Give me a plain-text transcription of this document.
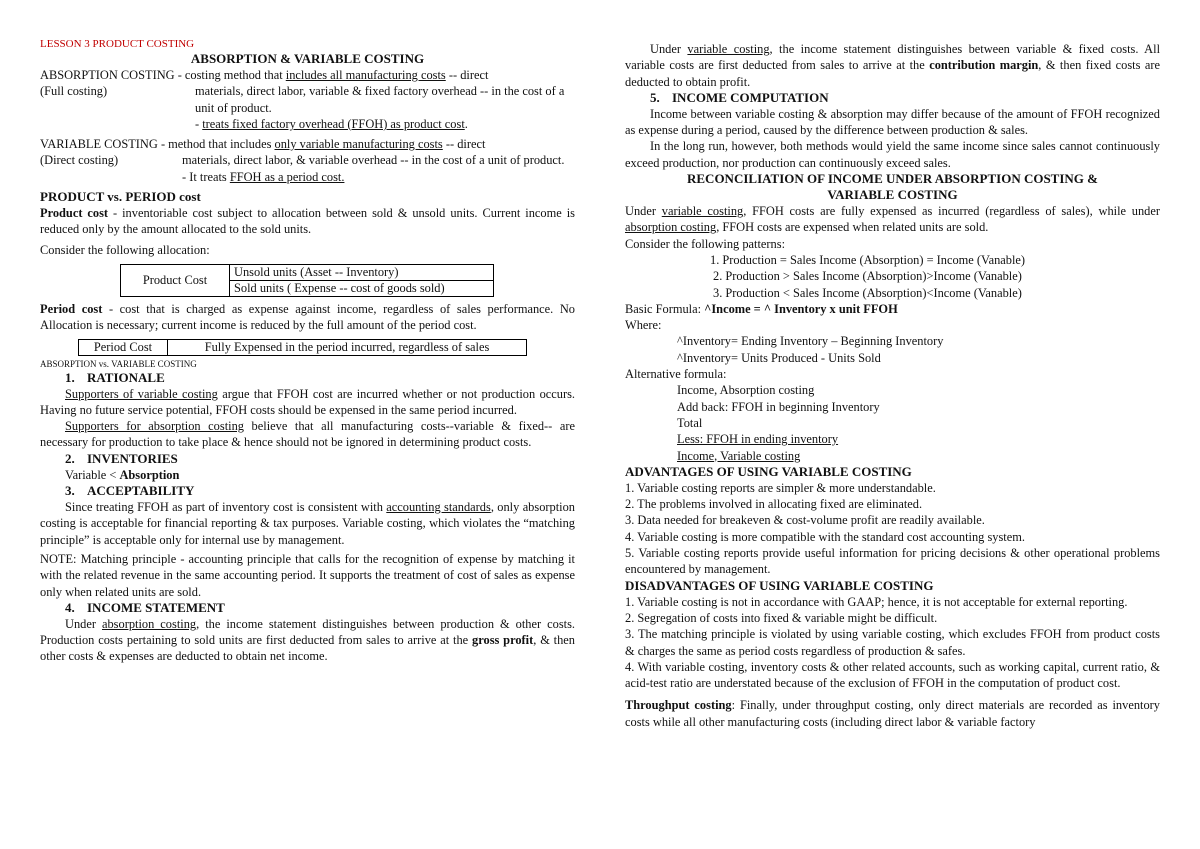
LESSON 3 PRODUCT COSTING
ABSORPTION & VARIABLE COSTING
ABSORPTION COSTING - costing method that includes all manufacturing costs -- direct
(Full costing)	materials, direct labor, variable & fixed factory overhead -- in the cost of a unit of product.
- treats fixed factory overhead (FFOH) as product cost.
VARIABLE COSTING - method that includes only variable manufacturing costs -- direct
(Direct costing)	materials, direct labor, & variable overhead -- in the cost of a unit of product.
- It treats FFOH as a period cost.
PRODUCT vs. PERIOD cost

Product cost - inventoriable cost subject to allocation between sold & unsold units. Current income is reduced only by the amount allocated to the sold units.

Consider the following allocation:

Product Cost	Unsold units (Asset -- Inventory)
Sold units ( Expense -- cost of goods sold)

Period cost - cost that is charged as expense against income, regardless of sales performance. No Allocation is necessary; current income is reduced by the full amount of the period cost.

Period Cost	Fully Expensed in the period incurred, regardless of sales
ABSORPTION vs. VARIABLE COSTING
1. RATIONALE

Supporters of variable costing argue that FFOH cost are incurred whether or not production occurs. Having no future service potential, FFOH costs should be expensed in the same period incurred.

Supporters for absorption costing believe that all manufacturing costs--variable & fixed-- are necessary for production to take place & hence should not be ignored in determining product costs.

2. INVENTORIES

Variable < Absorption

3. ACCEPTABILITY

Since treating FFOH as part of inventory cost is consistent with accounting standards, only absorption costing is acceptable for financial reporting & tax purposes. Variable costing, which violates the “matching principle” is acceptable only for internal use by management.

NOTE: Matching principle - accounting principle that calls for the recognition of expense by matching it with the related revenue in the same accounting period. It supports the treatment of cost of sales as expense only when related units are sold.

4. INCOME STATEMENT

Under absorption costing, the income statement distinguishes between production & other costs. Production costs pertaining to sold units are first deducted from sales to arrive at the gross profit, & then other costs & expenses are deducted to obtain net income.

Under variable costing, the income statement distinguishes between variable & fixed costs. All variable costs are first deducted from sales to arrive at the contribution margin, & then fixed costs are deducted to obtain profit.

5. INCOME COMPUTATION

Income between variable costing & absorption may differ because of the amount of FFOH recognized as expense during a period, caused by the difference between production & sales.

In the long run, however, both methods would yield the same income since sales cannot continuously exceed production, nor production can continuously exceed sales.

RECONCILIATION OF INCOME UNDER ABSORPTION COSTING &
VARIABLE COSTING

Under variable costing, FFOH costs are fully expensed as incurred (regardless of sales), while under absorption costing, FFOH costs are expensed when related units are sold.

Consider the following patterns:

1. Production = Sales Income (Absorption) = Income (Vanable)
2. Production > Sales Income (Absorption)>Income (Vanable)
3. Production < Sales Income (Absorption)<Income (Vanable)

Basic Formula: ^Income = ^ Inventory x unit FFOH

Where:

^Inventory= Ending Inventory – Beginning Inventory

^Inventory= Units Produced - Units Sold

Alternative formula:

Income, Absorption costing
Add back: FFOH in beginning Inventory
Total
Less: FFOH in ending inventory
Income, Variable costing
ADVANTAGES OF USING VARIABLE COSTING
1. Variable costing reports are simpler & more understandable.
2. The problems involved in allocating fixed are eliminated.
3. Data needed for breakeven & cost-volume profit are readily available.
4. Variable costing is more compatible with the standard cost accounting system.
5. Variable costing reports provide useful information for pricing decisions & other operational problems encountered by management.
DISADVANTAGES OF USING VARIABLE COSTING
1. Variable costing is not in accordance with GAAP; hence, it is not acceptable for external reporting.
2. Segregation of costs into fixed & variable might be difficult.
3. The matching principle is violated by using variable costing, which excludes FFOH from product costs & charges the same as period costs regardless of production & safes.
4. With variable costing, inventory costs & other related accounts, such as working capital, current ratio, & acid-test ratio are understated because of the exclusion of FFOH in the computation of product cost.

Throughput costing: Finally, under throughput costing, only direct materials are recorded as inventory costs while all other manufacturing costs (including direct labor & variable factory
